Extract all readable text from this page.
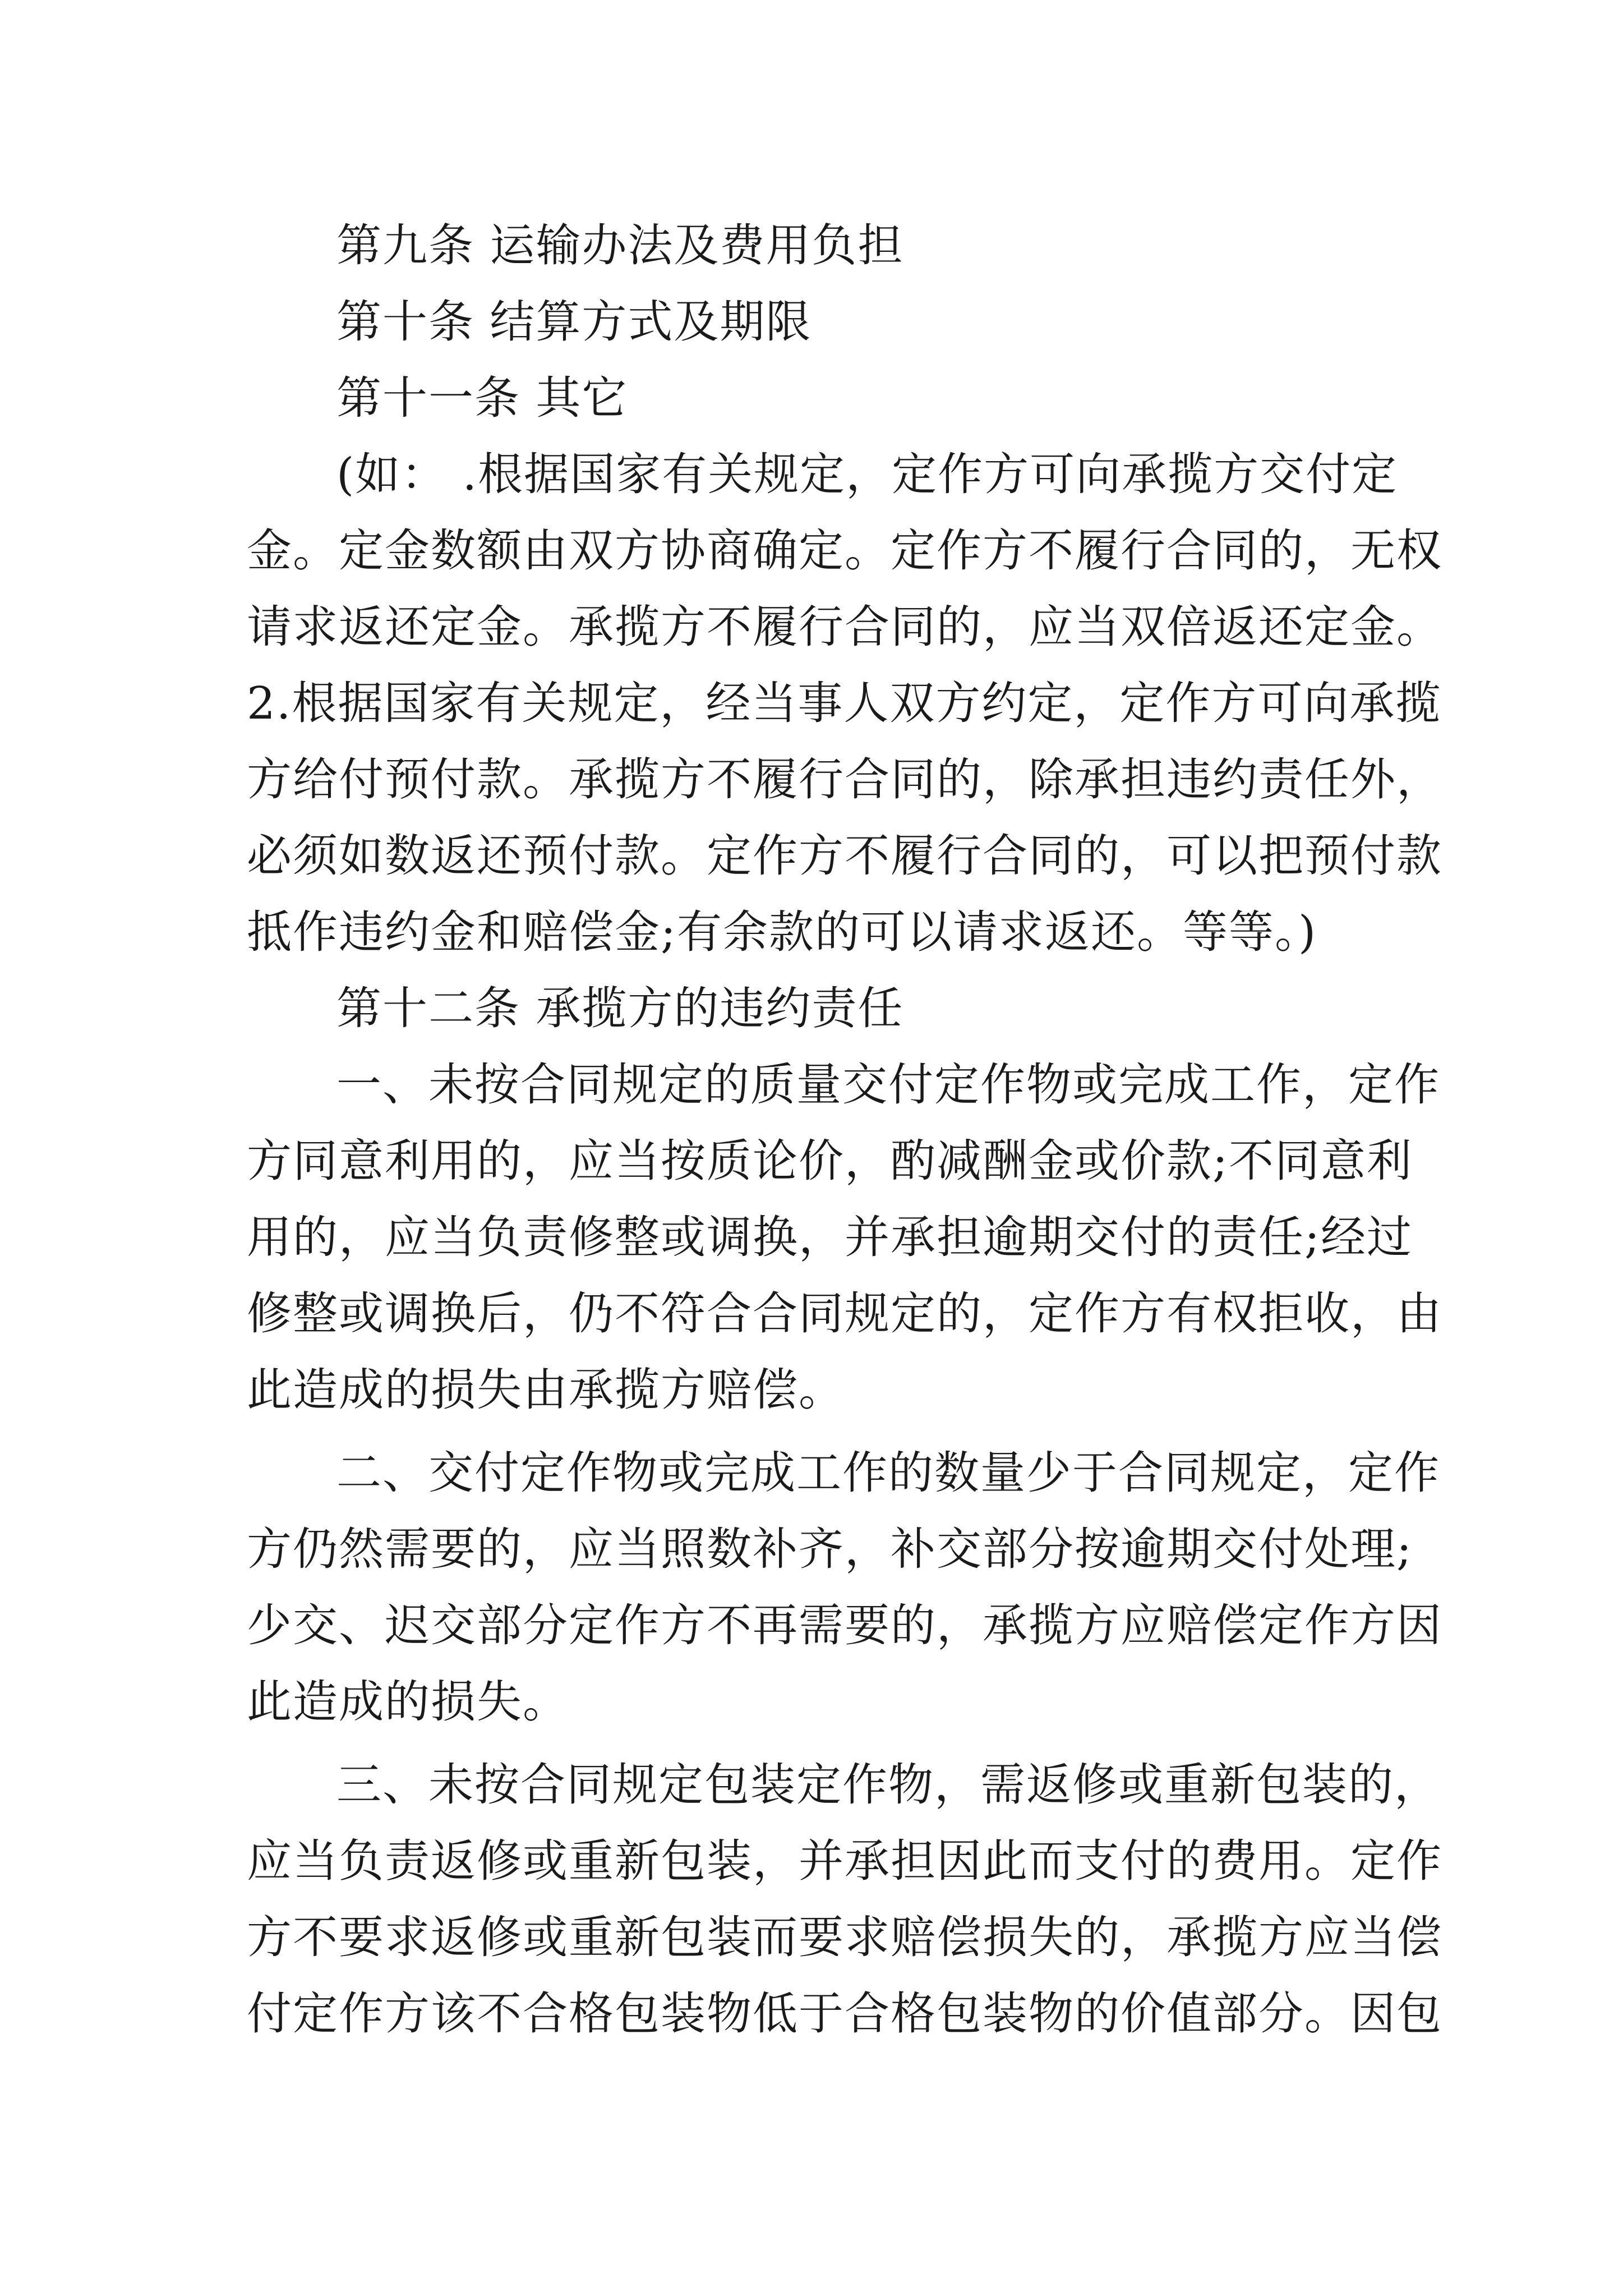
第九条 运输办法及费用负担
第十条 结算方式及期限
第十一条 其它
(如： .根据国家有关规定，定作方可向承揽方交付定
金。定金数额由双方协商确定。定作方不履行合同的，无权
请求返还定金。承揽方不履行合同的，应当双倍返还定金。
2.根据国家有关规定，经当事人双方约定，定作方可向承揽
方给付预付款。承揽方不履行合同的，除承担违约责任外，
必须如数返还预付款。定作方不履行合同的，可以把预付款
抵作违约金和赔偿金;有余款的可以请求返还。等等。)
第十二条 承揽方的违约责任
一、未按合同规定的质量交付定作物或完成工作，定作
方同意利用的，应当按质论价，酌减酬金或价款;不同意利
用的，应当负责修整或调换，并承担逾期交付的责任;经过
修整或调换后，仍不符合合同规定的，定作方有权拒收，由
此造成的损失由承揽方赔偿。
二、交付定作物或完成工作的数量少于合同规定，定作
方仍然需要的，应当照数补齐，补交部分按逾期交付处理;
少交、迟交部分定作方不再需要的，承揽方应赔偿定作方因
此造成的损失。
三、未按合同规定包装定作物，需返修或重新包装的，
应当负责返修或重新包装，并承担因此而支付的费用。定作
方不要求返修或重新包装而要求赔偿损失的，承揽方应当偿
付定作方该不合格包装物低于合格包装物的价值部分。因包
